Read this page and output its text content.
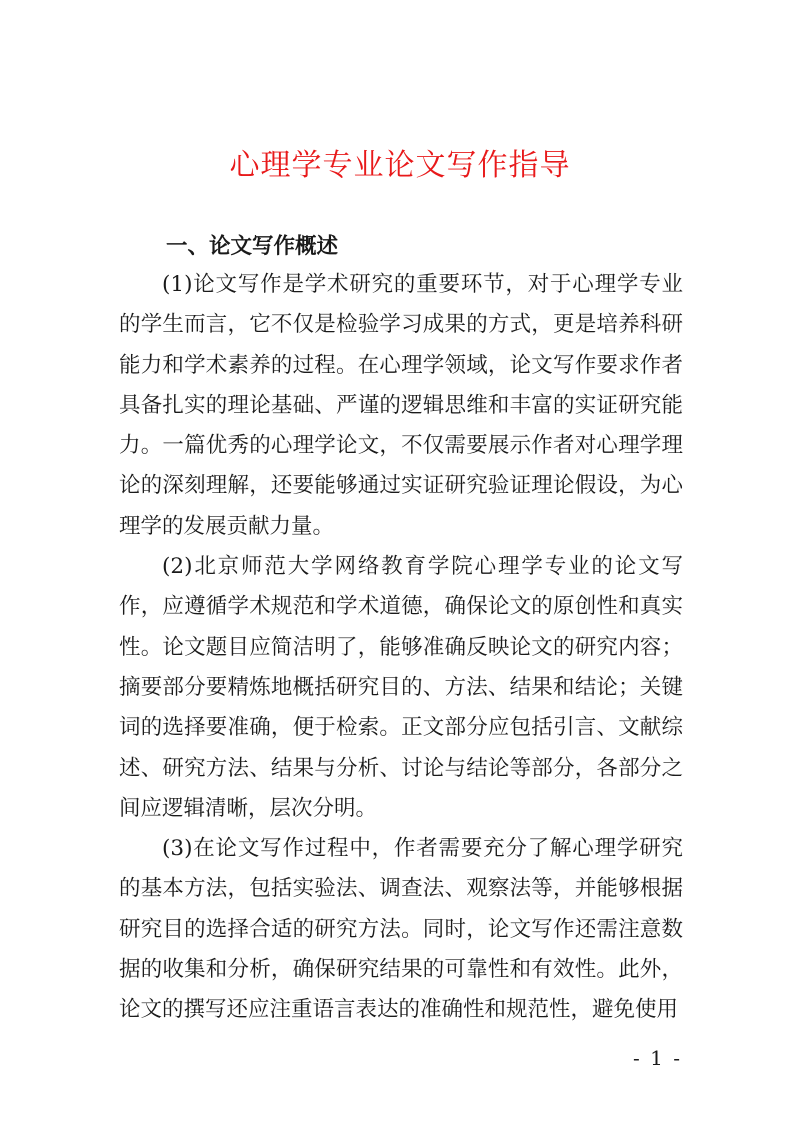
心理学专业论文写作指导
一、论文写作概述

(1)论文写作是学术研究的重要环节，对于心理学专业的学生而言，它不仅是检验学习成果的方式，更是培养科研能力和学术素养的过程。在心理学领域，论文写作要求作者具备扎实的理论基础、严谨的逻辑思维和丰富的实证研究能力。一篇优秀的心理学论文，不仅需要展示作者对心理学理论的深刻理解，还要能够通过实证研究验证理论假设，为心理学的发展贡献力量。

(2)北京师范大学网络教育学院心理学专业的论文写作，应遵循学术规范和学术道德，确保论文的原创性和真实性。论文题目应简洁明了，能够准确反映论文的研究内容；摘要部分要精炼地概括研究目的、方法、结果和结论；关键词的选择要准确，便于检索。正文部分应包括引言、文献综述、研究方法、结果与分析、讨论与结论等部分，各部分之间应逻辑清晰，层次分明。

(3)在论文写作过程中，作者需要充分了解心理学研究的基本方法，包括实验法、调查法、观察法等，并能够根据研究目的选择合适的研究方法。同时，论文写作还需注意数据的收集和分析，确保研究结果的可靠性和有效性。此外，论文的撰写还应注重语言表达的准确性和规范性，避免使用

- 1 -
